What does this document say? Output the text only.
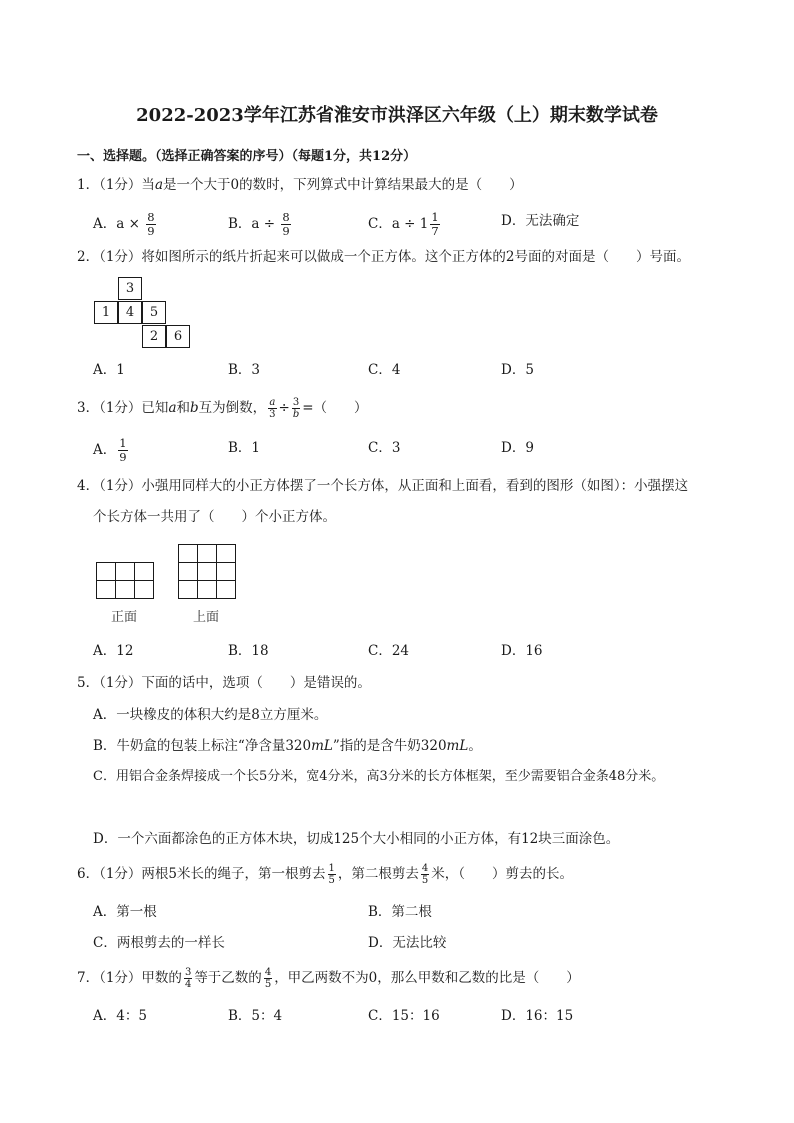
2022-2023学年江苏省淮安市洪泽区六年级（上）期末数学试卷
一、选择题。（选择正确答案的序号）（每题1分，共12分）
1．（1分）当a是一个大于0的数时，下列算式中计算结果最大的是（　　）
A．$a \times \frac{8}{9}$	B．$a \div \frac{8}{9}$	C．$a \div 1 \frac{1}{7}$	D．无法确定
2．（1分）将如图所示的纸片折起来可以做成一个正方体。这个正方体的2号面的对面是（　　）号面。
3
1	4	5
2	6
A．1	B．3	C．4	D．5
3．（1分）已知a和b互为倒数， $\frac{a}{3} \div \frac{3}{b}$ =（　　）
A． $\frac{1}{9}$	B．1	C．3	D．9
4．（1分）小强用同样大的小正方体摆了一个长方体，从正面和上面看，看到的图形（如图）：小强摆这
个长方体一共用了（　　）个小正方体。

正面

			上面
A．12	B．18	C．24	D．16
5．（1分）下面的话中，选项（　　）是错误的。
A．一块橡皮的体积大约是8立方厘米。
B．牛奶盒的包装上标注“净含量320mL”指的是含牛奶320mL。
C．用铝合金条焊接成一个长5分米，宽4分米，高3分米的长方体框架，至少需要铝合金条48分米。
D．一个六面都涂色的正方体木块，切成125个大小相同的小正方体，有12块三面涂色。
6．（1分）两根5米长的绳子，第一根剪去 $\frac{1}{5}$ ，第二根剪去 $\frac{4}{5}$ 米，（　　）剪去的长。
A．第一根	B．第二根
C．两根剪去的一样长	D．无法比较
7．（1分）甲数的 $\frac{3}{4}$ 等于乙数的 $\frac{4}{5}$ ，甲乙两数不为0，那么甲数和乙数的比是（　　）
A．4：5	B．5：4	C．15：16	D．16：15
